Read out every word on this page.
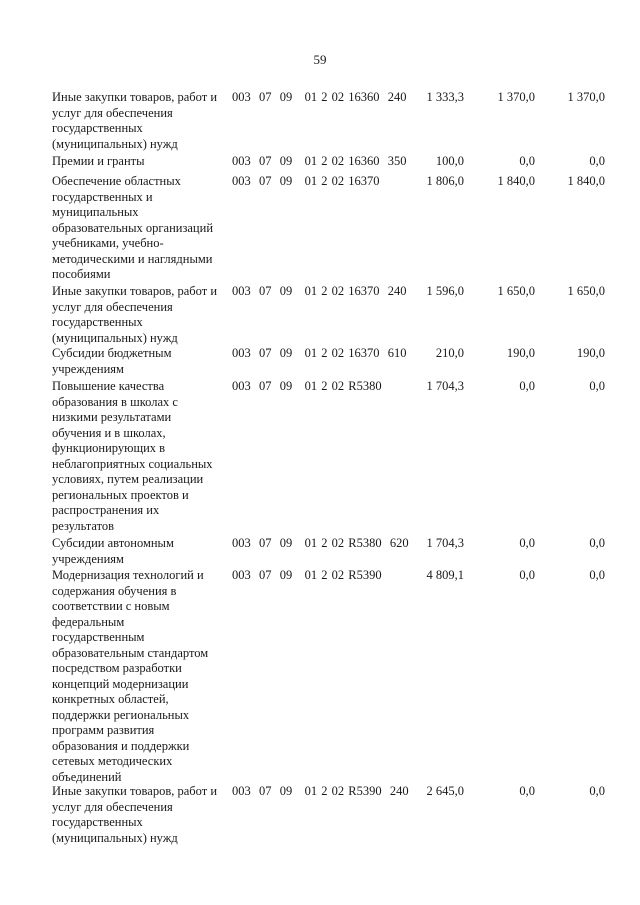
59
Иные закупки товаров, работ и
услуг для обеспечения
государственных
(муниципальных) нужд
003  07  09   01 2 02 16360  240	1 333,3	1 370,0	1 370,0
Премии и гранты	003  07  09   01 2 02 16360  350	100,0	0,0	0,0
Обеспечение областных
государственных и
муниципальных
образовательных организаций
учебниками, учебно-
методическими и наглядными
пособиями
003  07  09   01 2 02 16370	1 806,0	1 840,0	1 840,0
Иные закупки товаров, работ и
услуг для обеспечения
государственных
(муниципальных) нужд
003  07  09   01 2 02 16370  240	1 596,0	1 650,0	1 650,0
Субсидии бюджетным
учреждениям
003  07  09   01 2 02 16370  610	210,0	190,0	190,0
Повышение качества
образования в школах с
низкими результатами
обучения и в школах,
функционирующих в
неблагоприятных социальных
условиях, путем реализации
региональных проектов и
распространения их
результатов
003  07  09   01 2 02 R5380	1 704,3	0,0	0,0
Субсидии автономным
учреждениям
003  07  09   01 2 02 R5380  620	1 704,3	0,0	0,0
Модернизация технологий и
содержания обучения в
соответствии с новым
федеральным
государственным
образовательным стандартом
посредством разработки
концепций модернизации
конкретных областей,
поддержки региональных
программ развития
образования и поддержки
сетевых методических
объединений
003  07  09   01 2 02 R5390	4 809,1	0,0	0,0
Иные закупки товаров, работ и
услуг для обеспечения
государственных
(муниципальных) нужд
003  07  09   01 2 02 R5390  240	2 645,0	0,0	0,0
